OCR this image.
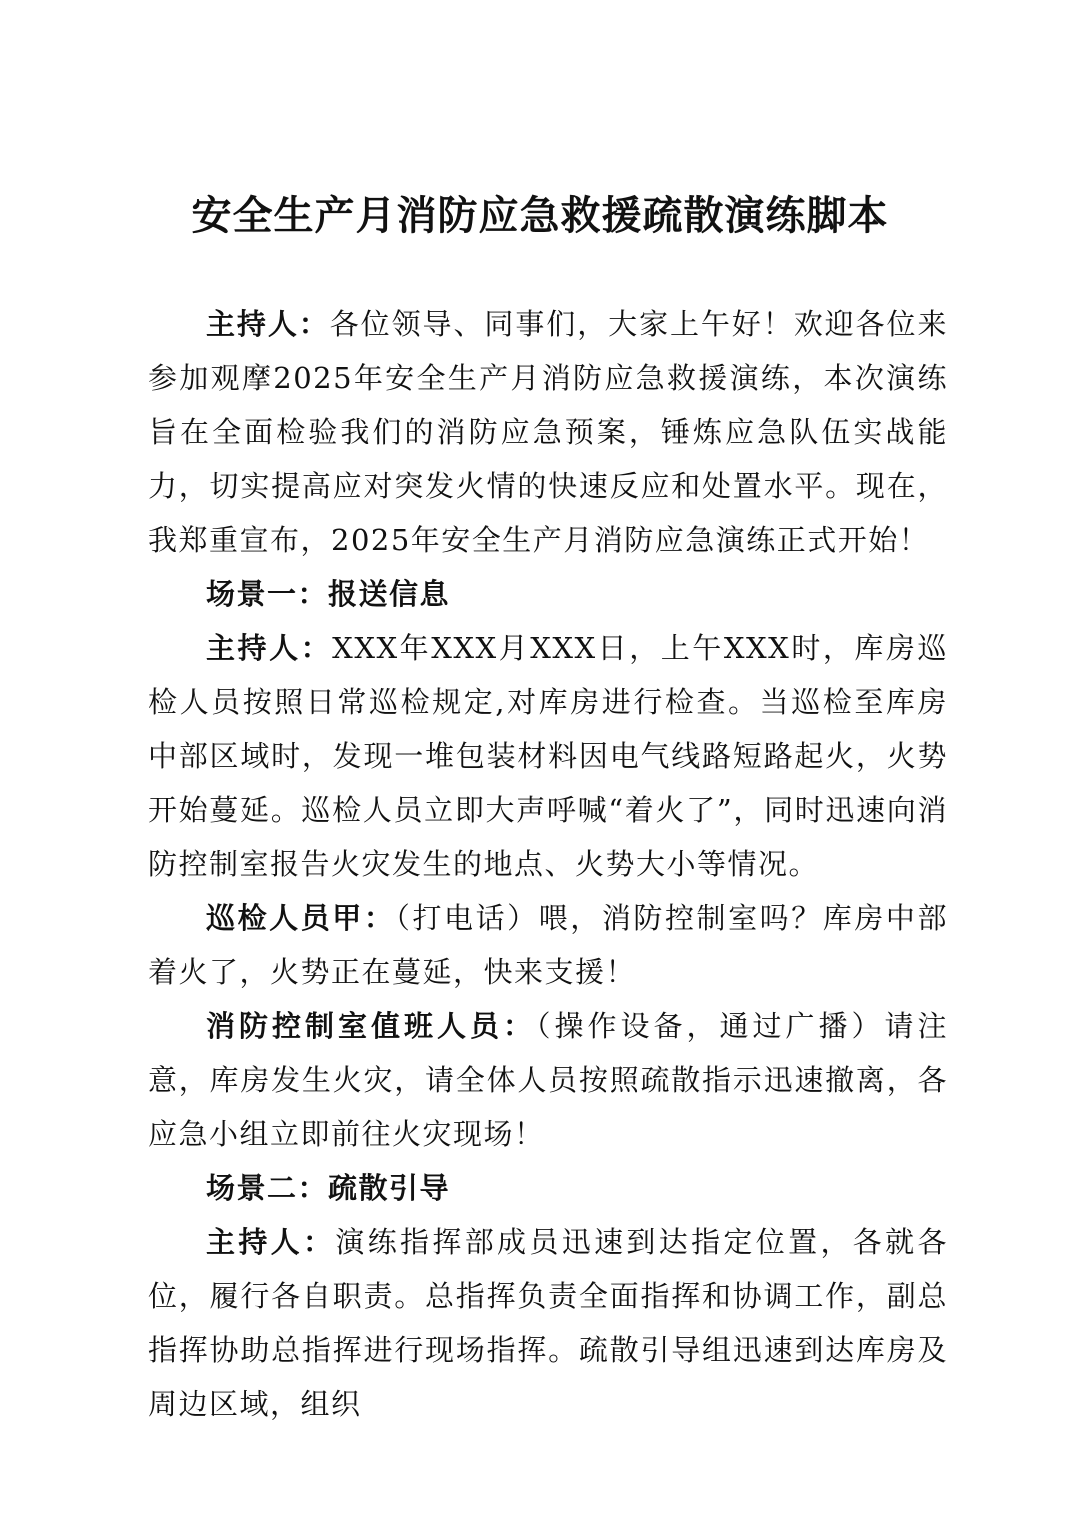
安全生产月消防应急救援疏散演练脚本

主持人：各位领导、同事们，大家上午好！欢迎各位来参加观摩2025年安全生产月消防应急救援演练，本次演练旨在全面检验我们的消防应急预案，锤炼应急队伍实战能力，切实提高应对突发火情的快速反应和处置水平。现在，我郑重宣布，2025年安全生产月消防应急演练正式开始！

场景一：报送信息

主持人：XXX年XXX月XXX日，上午XXX时，库房巡检人员按照日常巡检规定,对库房进行检查。当巡检至库房中部区域时，发现一堆包装材料因电气线路短路起火，火势开始蔓延。巡检人员立即大声呼喊“着火了”，同时迅速向消防控制室报告火灾发生的地点、火势大小等情况。

巡检人员甲：（打电话）喂，消防控制室吗？库房中部着火了，火势正在蔓延，快来支援！

消防控制室值班人员：（操作设备，通过广播）请注意，库房发生火灾，请全体人员按照疏散指示迅速撤离，各应急小组立即前往火灾现场！

场景二：疏散引导

主持人：演练指挥部成员迅速到达指定位置，各就各位，履行各自职责。总指挥负责全面指挥和协调工作，副总指挥协助总指挥进行现场指挥。疏散引导组迅速到达库房及周边区域，组织
